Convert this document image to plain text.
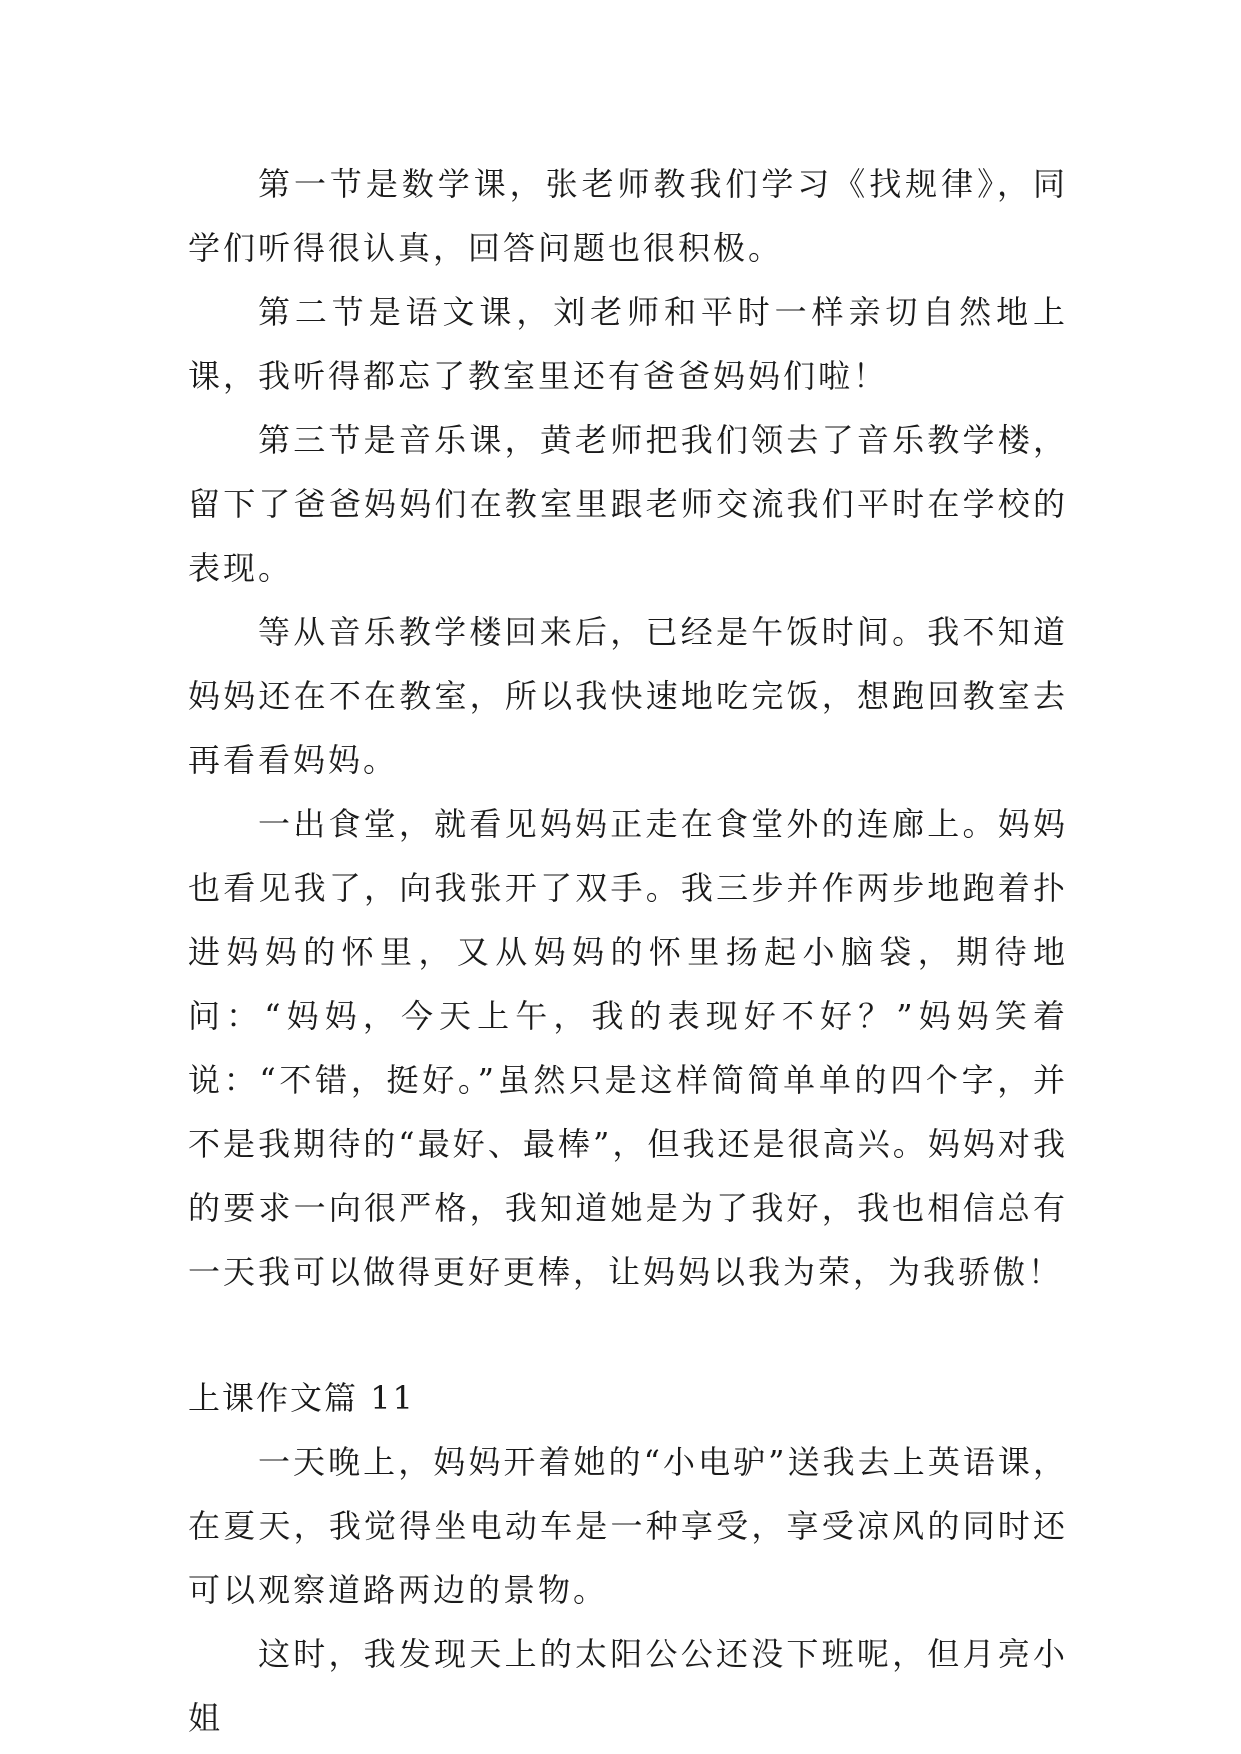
第一节是数学课，张老师教我们学习《找规律》，同学们听得很认真，回答问题也很积极。

第二节是语文课，刘老师和平时一样亲切自然地上课，我听得都忘了教室里还有爸爸妈妈们啦！

第三节是音乐课，黄老师把我们领去了音乐教学楼，留下了爸爸妈妈们在教室里跟老师交流我们平时在学校的表现。

等从音乐教学楼回来后，已经是午饭时间。我不知道妈妈还在不在教室，所以我快速地吃完饭，想跑回教室去再看看妈妈。

一出食堂，就看见妈妈正走在食堂外的连廊上。妈妈也看见我了，向我张开了双手。我三步并作两步地跑着扑进妈妈的怀里，又从妈妈的怀里扬起小脑袋，期待地问：“妈妈，今天上午，我的表现好不好？”妈妈笑着说：“不错，挺好。”虽然只是这样简简单单的四个字，并不是我期待的“最好、最棒”，但我还是很高兴。妈妈对我的要求一向很严格，我知道她是为了我好，我也相信总有一天我可以做得更好更棒，让妈妈以我为荣，为我骄傲！

上课作文篇 11

一天晚上，妈妈开着她的“小电驴”送我去上英语课，在夏天，我觉得坐电动车是一种享受，享受凉风的同时还可以观察道路两边的景物。

这时，我发现天上的太阳公公还没下班呢，但月亮小姐
